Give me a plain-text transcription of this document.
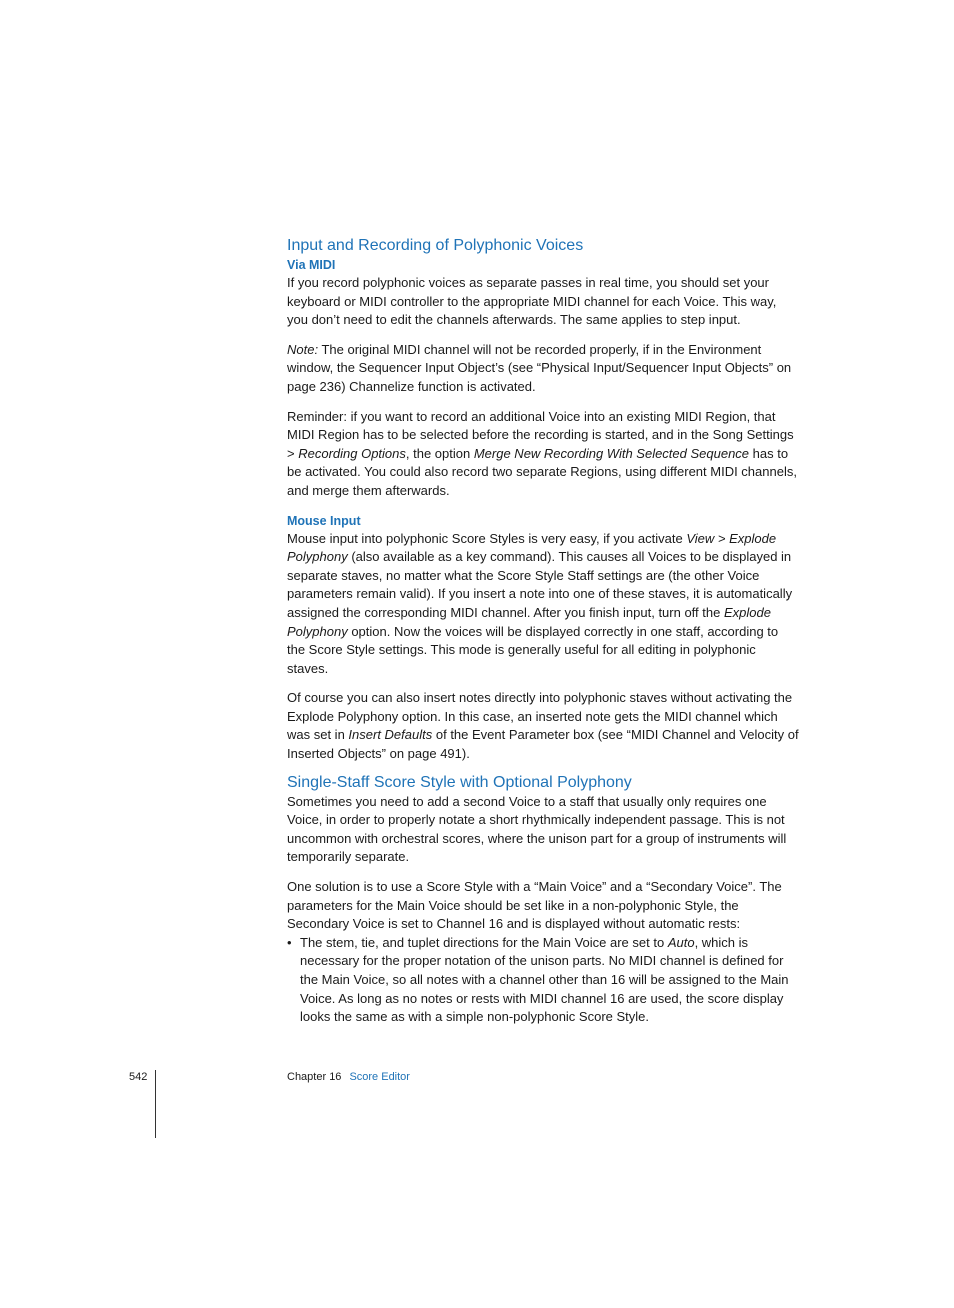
Input and Recording of Polyphonic Voices
Via MIDI

If you record polyphonic voices as separate passes in real time, you should set your keyboard or MIDI controller to the appropriate MIDI channel for each Voice. This way, you don’t need to edit the channels afterwards. The same applies to step input.

Note: The original MIDI channel will not be recorded properly, if in the Environment window, the Sequencer Input Object’s (see “Physical Input/Sequencer Input Objects” on page 236) Channelize function is activated.

Reminder: if you want to record an additional Voice into an existing MIDI Region, that MIDI Region has to be selected before the recording is started, and in the Song Settings > Recording Options, the option Merge New Recording With Selected Sequence has to be activated. You could also record two separate Regions, using different MIDI channels, and merge them afterwards.

Mouse Input

Mouse input into polyphonic Score Styles is very easy, if you activate View > Explode Polyphony (also available as a key command). This causes all Voices to be displayed in separate staves, no matter what the Score Style Staff settings are (the other Voice parameters remain valid). If you insert a note into one of these staves, it is automatically assigned the corresponding MIDI channel. After you finish input, turn off the Explode Polyphony option. Now the voices will be displayed correctly in one staff, according to the Score Style settings. This mode is generally useful for all editing in polyphonic staves.

Of course you can also insert notes directly into polyphonic staves without activating the Explode Polyphony option. In this case, an inserted note gets the MIDI channel which was set in Insert Defaults of the Event Parameter box (see “MIDI Channel and Velocity of Inserted Objects” on page 491).

Single-Staff Score Style with Optional Polyphony

Sometimes you need to add a second Voice to a staff that usually only requires one Voice, in order to properly notate a short rhythmically independent passage. This is not uncommon with orchestral scores, where the unison part for a group of instruments will temporarily separate.

One solution is to use a Score Style with a “Main Voice” and a “Secondary Voice”. The parameters for the Main Voice should be set like in a non-polyphonic Style, the Secondary Voice is set to Channel 16 and is displayed without automatic rests:

• The stem, tie, and tuplet directions for the Main Voice are set to Auto, which is necessary for the proper notation of the unison parts. No MIDI channel is defined for the Main Voice, so all notes with a channel other than 16 will be assigned to the Main Voice. As long as no notes or rests with MIDI channel 16 are used, the score display looks the same as with a simple non-polyphonic Score Style.
542	Chapter 16 Score Editor
